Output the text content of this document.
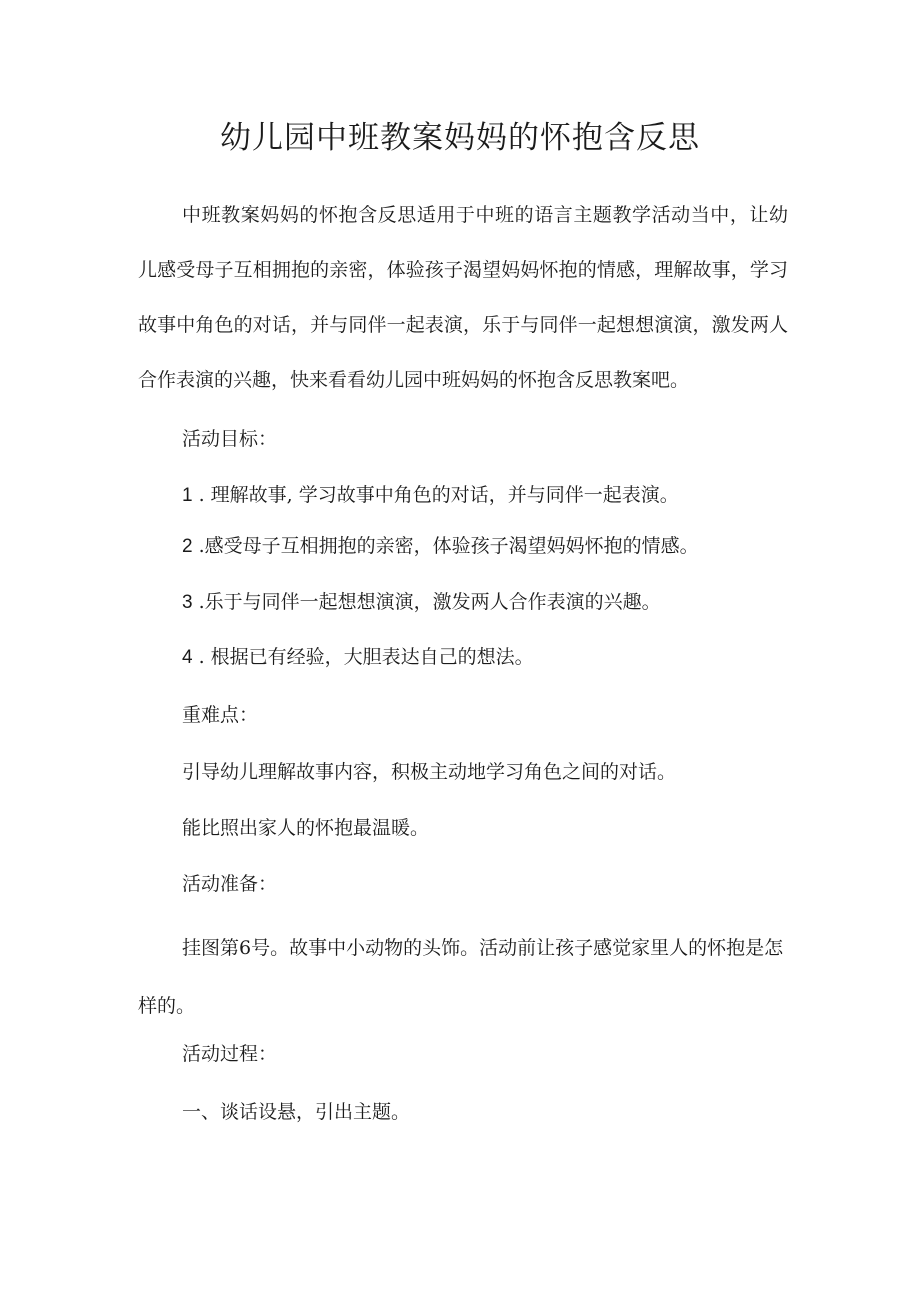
幼儿园中班教案妈妈的怀抱含反思

中班教案妈妈的怀抱含反思适用于中班的语言主题教学活动当中，让幼儿感受母子互相拥抱的亲密，体验孩子渴望妈妈怀抱的情感，理解故事，学习故事中角色的对话，并与同伴一起表演，乐于与同伴一起想想演演，激发两人合作表演的兴趣，快来看看幼儿园中班妈妈的怀抱含反思教案吧。

活动目标：

1 . 理解故事, 学习故事中角色的对话，并与同伴一起表演。

2 .感受母子互相拥抱的亲密，体验孩子渴望妈妈怀抱的情感。

3 .乐于与同伴一起想想演演，激发两人合作表演的兴趣。

4 . 根据已有经验，大胆表达自己的想法。

重难点：

引导幼儿理解故事内容，积极主动地学习角色之间的对话。

能比照出家人的怀抱最温暖。

活动准备：

挂图第6号。故事中小动物的头饰。活动前让孩子感觉家里人的怀抱是怎样的。

活动过程：

一、谈话设悬，引出主题。
